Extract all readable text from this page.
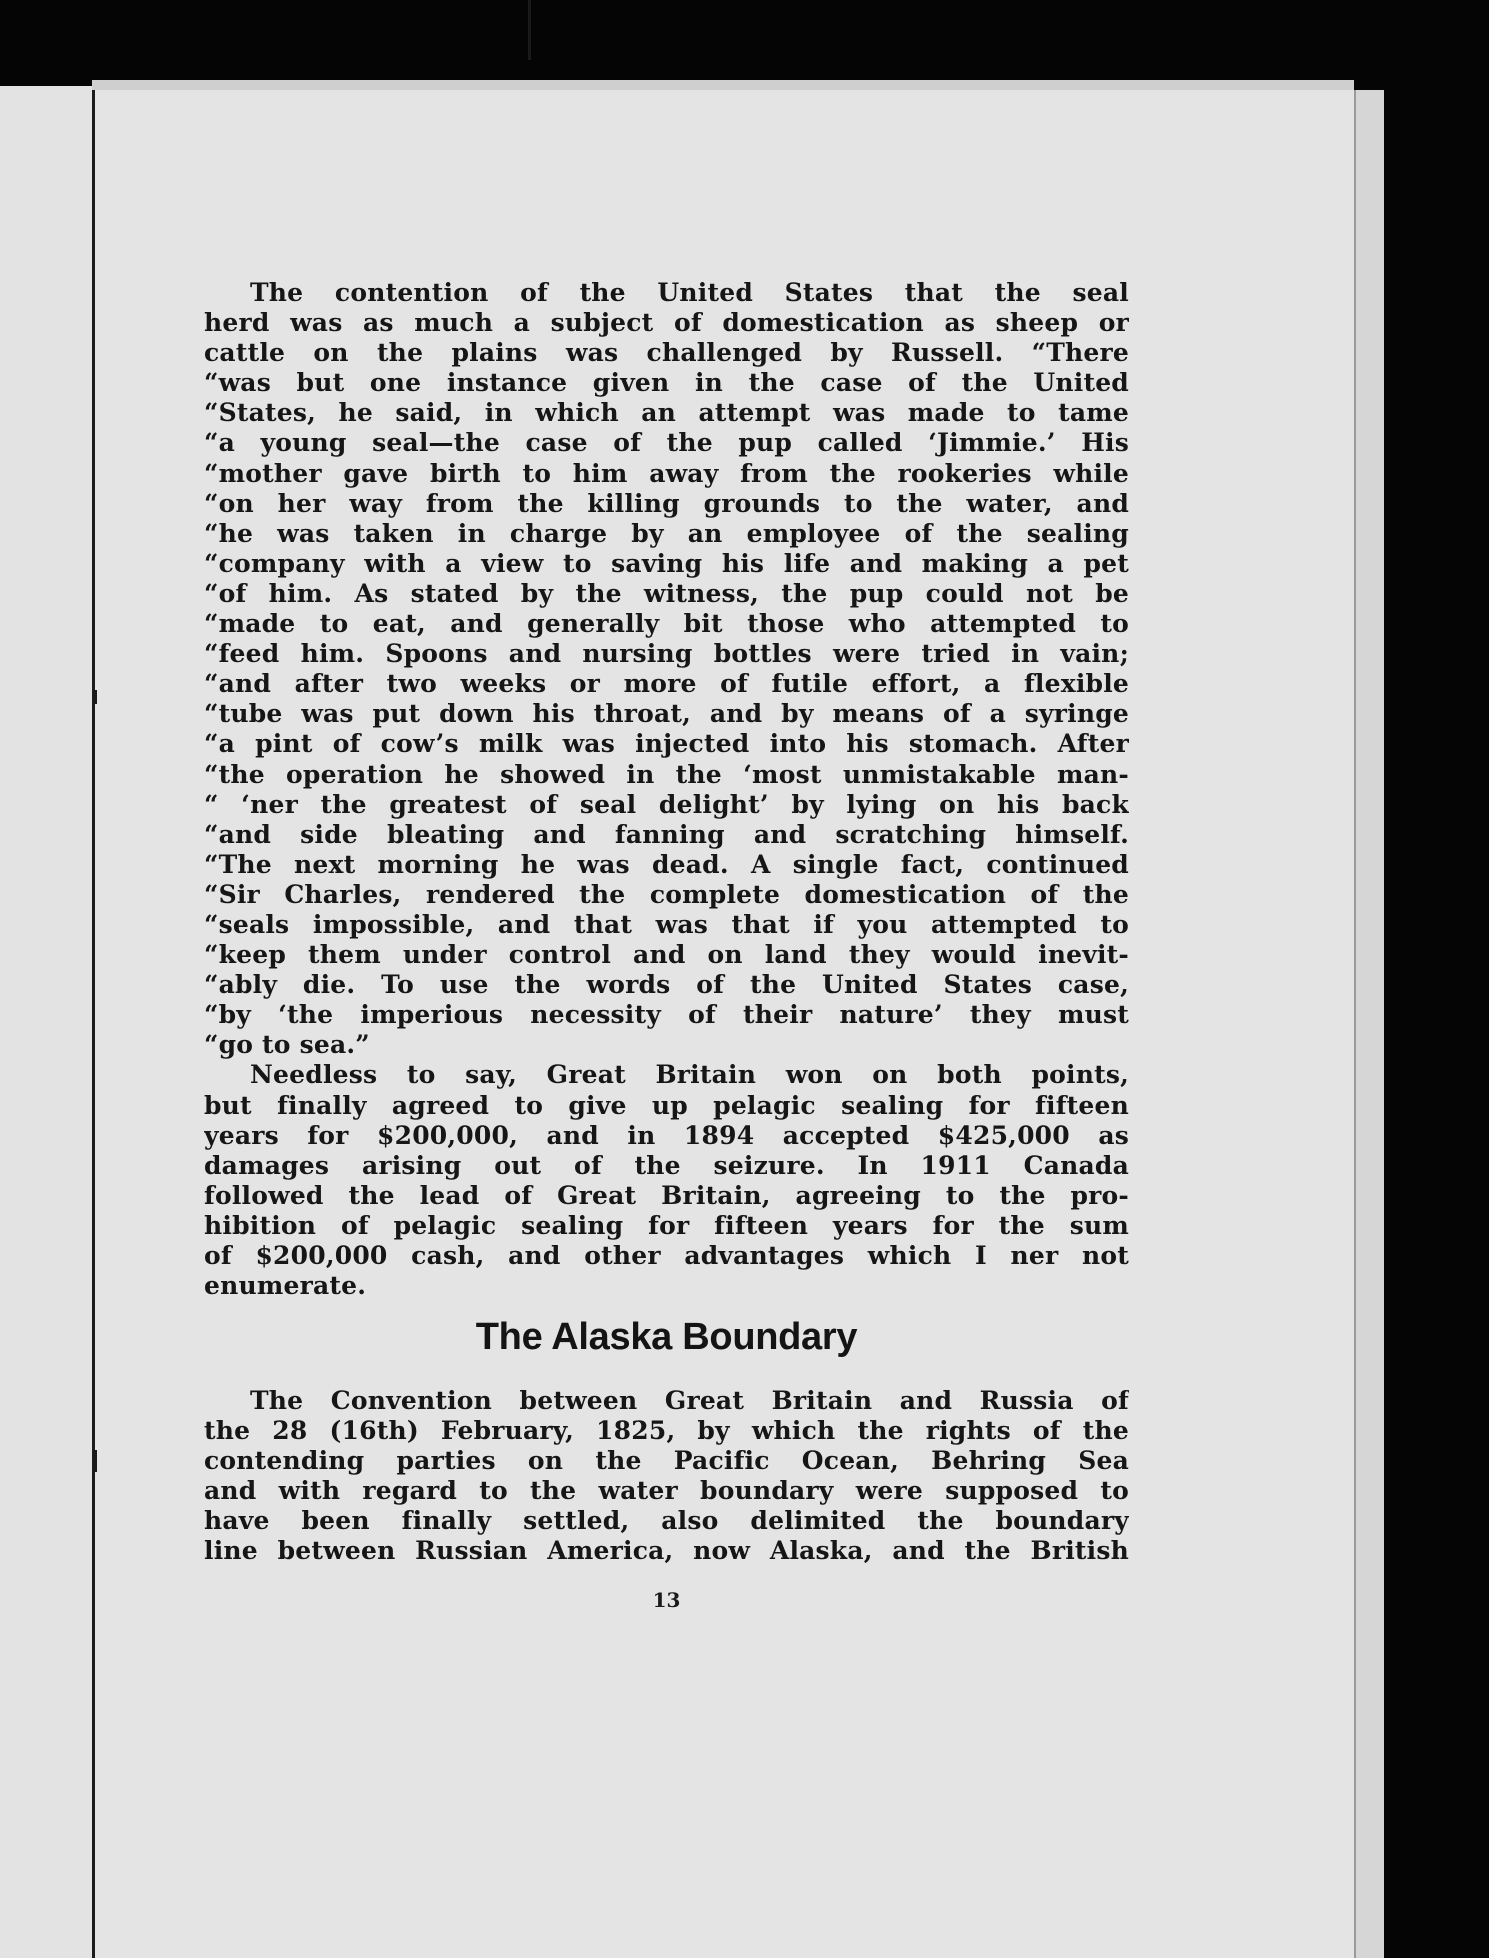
The contention of the United States that the seal
herd was as much a subject of domestication as sheep or
cattle on the plains was challenged by Russell. “There
“was but one instance given in the case of the United
“States, he said, in which an attempt was made to tame
“a young seal—the case of the pup called ‘Jimmie.’ His
“mother gave birth to him away from the rookeries while
“on her way from the killing grounds to the water, and
“he was taken in charge by an employee of the sealing
“company with a view to saving his life and making a pet
“of him. As stated by the witness, the pup could not be
“made to eat, and generally bit those who attempted to
“feed him. Spoons and nursing bottles were tried in vain;
“and after two weeks or more of futile effort, a flexible
“tube was put down his throat, and by means of a syringe
“a pint of cow’s milk was injected into his stomach. After
“the operation he showed in the ‘most unmistakable man-
“ ‘ner the greatest of seal delight’ by lying on his back
“and side bleating and fanning and scratching himself.
“The next morning he was dead. A single fact, continued
“Sir Charles, rendered the complete domestication of the
“seals impossible, and that was that if you attempted to
“keep them under control and on land they would inevit-
“ably die. To use the words of the United States case,
“by ‘the imperious necessity of their nature’ they must
“go to sea.”
Needless to say, Great Britain won on both points,
but finally agreed to give up pelagic sealing for fifteen
years for $200,000, and in 1894 accepted $425,000 as
damages arising out of the seizure. In 1911 Canada
followed the lead of Great Britain, agreeing to the pro-
hibition of pelagic sealing for fifteen years for the sum
of $200,000 cash, and other advantages which I ner not
enumerate.
The Alaska Boundary
The Convention between Great Britain and Russia of
the 28 (16th) February, 1825, by which the rights of the
contending parties on the Pacific Ocean, Behring Sea
and with regard to the water boundary were supposed to
have been finally settled, also delimited the boundary
line between Russian America, now Alaska, and the British
13
